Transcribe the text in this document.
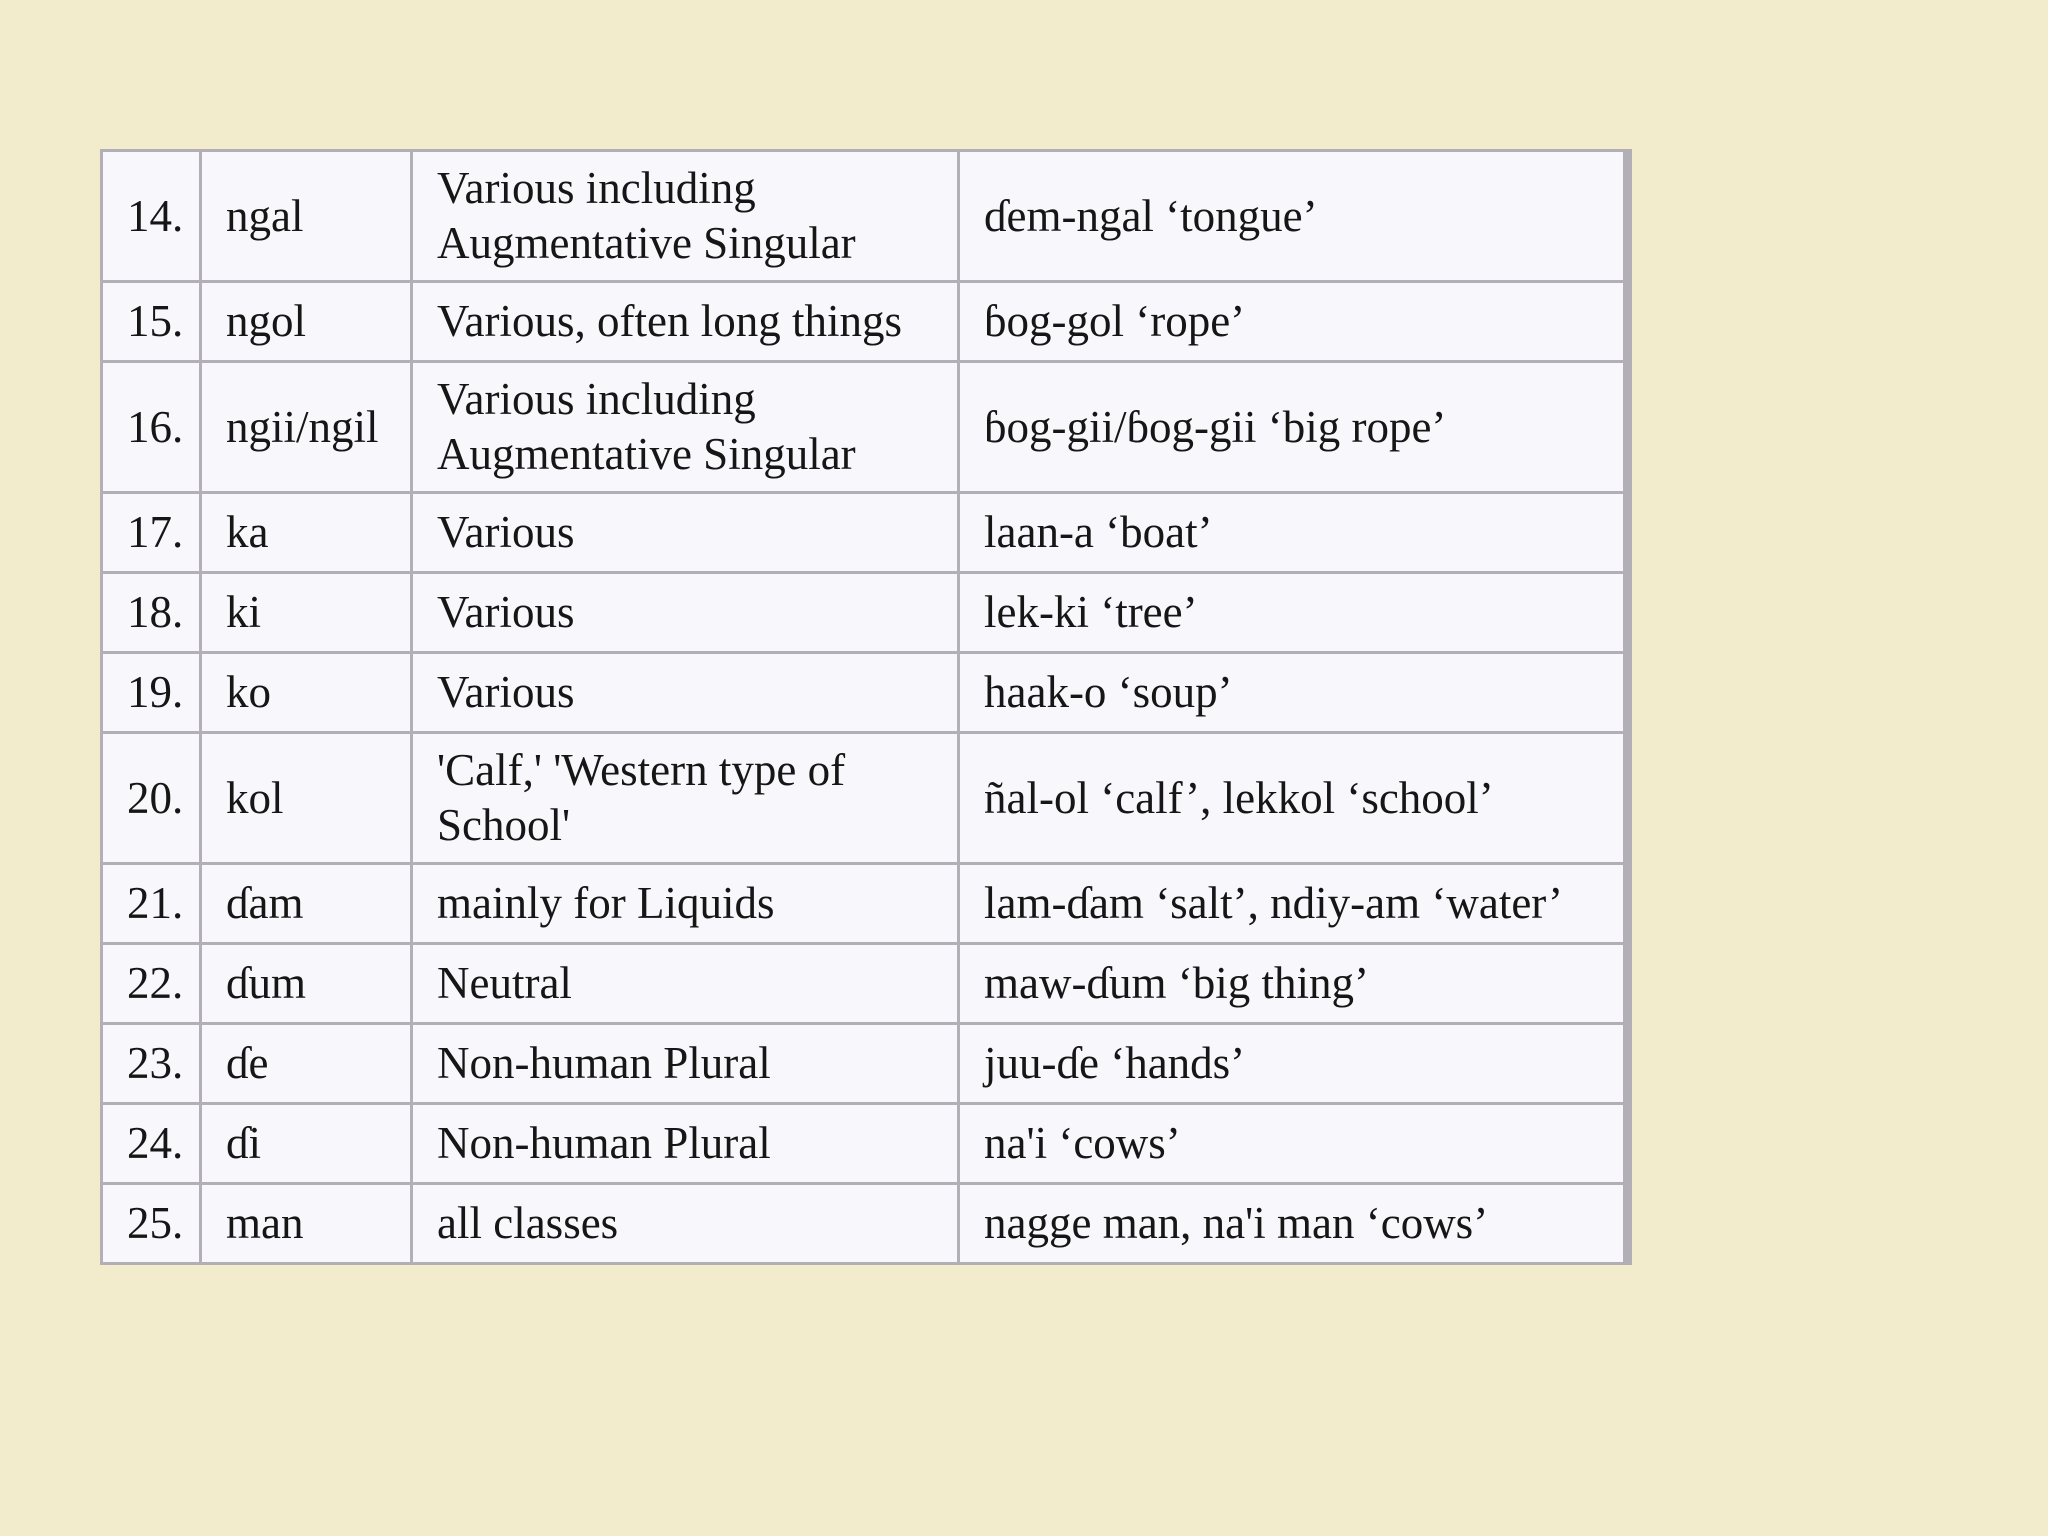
14.	ngal	Various including Augmentative Singular	ɗem-ngal ‘tongue’
15.	ngol	Various, often long things	ɓog-gol ‘rope’
16.	ngii/ngil	Various including Augmentative Singular	ɓog-gii/ɓog-gii ‘big rope’
17.	ka	Various	laan-a ‘boat’
18.	ki	Various	lek-ki ‘tree’
19.	ko	Various	haak-o ‘soup’
20.	kol	'Calf,' 'Western type of School'	ñal-ol ‘calf’, lekkol ‘school’
21.	ɗam	mainly for Liquids	lam-ɗam ‘salt’, ndiy-am ‘water’
22.	ɗum	Neutral	maw-ɗum ‘big thing’
23.	ɗe	Non-human Plural	juu-ɗe ‘hands’
24.	ɗi	Non-human Plural	na'i ‘cows’
25.	man	all classes	nagge man, na'i man ‘cows’
